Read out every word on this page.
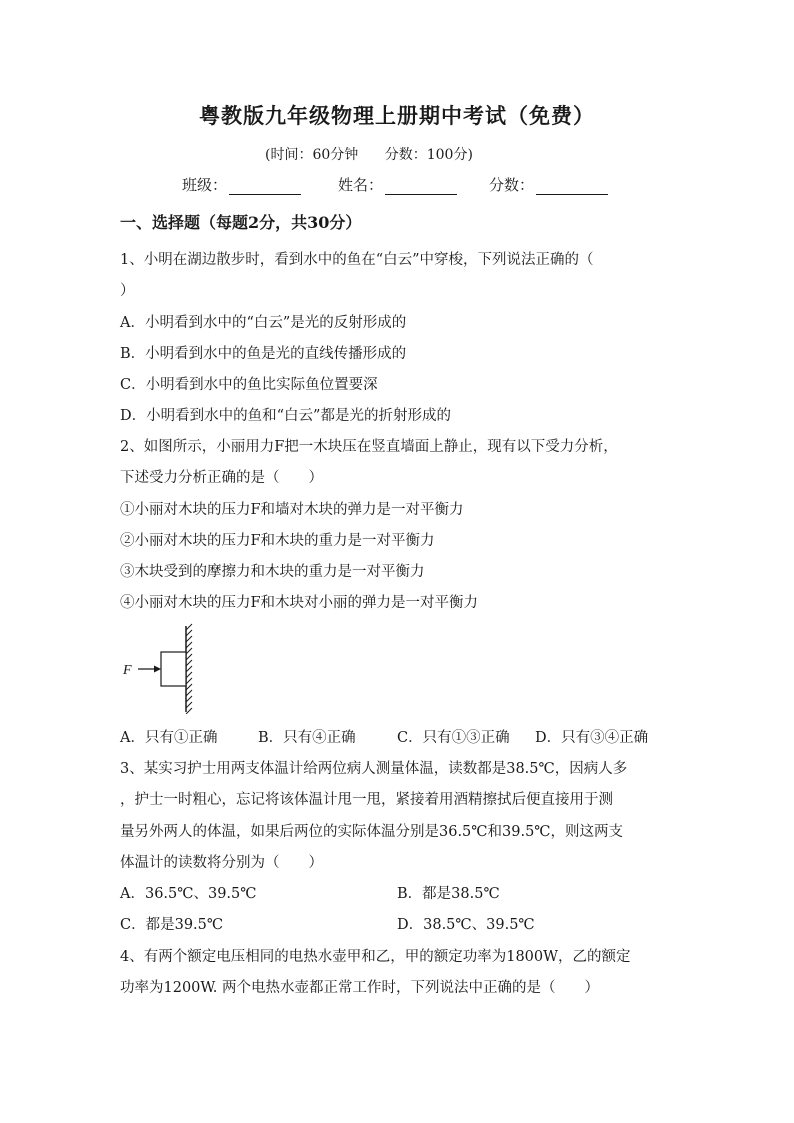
粤教版九年级物理上册期中考试（免费）
(时间：60分钟 分数：100分)
班级：	姓名：	分数：
一、选择题（每题2分，共30分）
1、小明在湖边散步时，看到水中的鱼在“白云”中穿梭，下列说法正确的（
）
A．小明看到水中的“白云”是光的反射形成的
B．小明看到水中的鱼是光的直线传播形成的
C．小明看到水中的鱼比实际鱼位置要深
D．小明看到水中的鱼和“白云”都是光的折射形成的
2、如图所示，小丽用力F把一木块压在竖直墙面上静止，现有以下受力分析，
下述受力分析正确的是（　　）
①小丽对木块的压力F和墙对木块的弹力是一对平衡力
②小丽对木块的压力F和木块的重力是一对平衡力
③木块受到的摩擦力和木块的重力是一对平衡力
④小丽对木块的压力F和木块对小丽的弹力是一对平衡力
F
A．只有①正确	B．只有④正确	C．只有①③正确 D．只有③④正确
3、某实习护士用两支体温计给两位病人测量体温，读数都是38.5℃，因病人多
，护士一时粗心，忘记将该体温计甩一甩，紧接着用酒精擦拭后便直接用于测
量另外两人的体温，如果后两位的实际体温分别是36.5℃和39.5℃，则这两支
体温计的读数将分别为（　　）
A．36.5℃、39.5℃	B．都是38.5℃
C．都是39.5℃	D．38.5℃、39.5℃
4、有两个额定电压相同的电热水壶甲和乙，甲的额定功率为1800W，乙的额定
功率为1200W. 两个电热水壶都正常工作时，下列说法中正确的是（　　）
